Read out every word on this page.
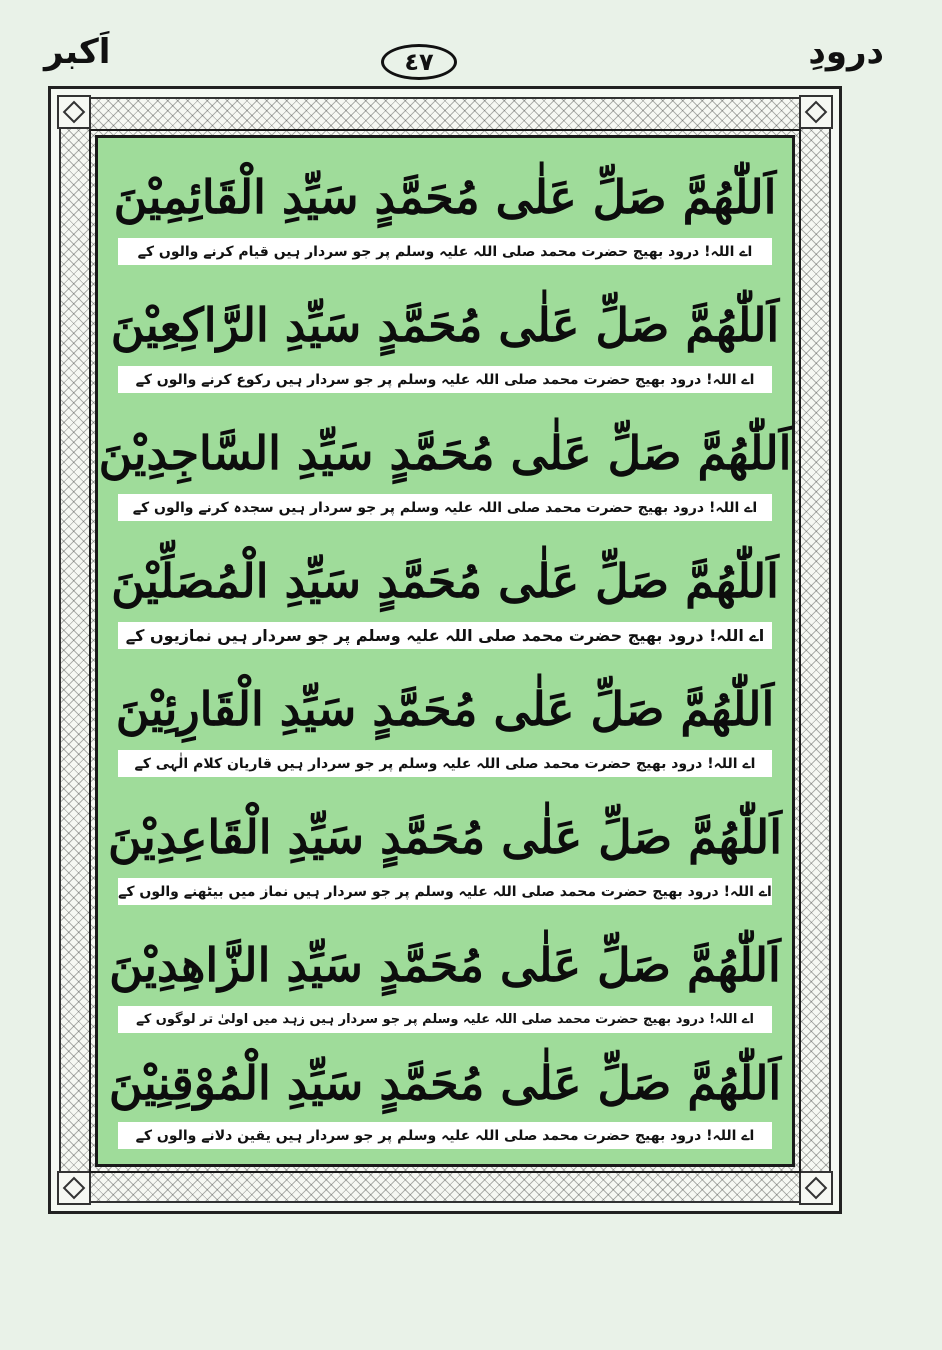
درودِ
٤٧
اَکبر
اَللّٰھُمَّ صَلِّ عَلٰی مُحَمَّدٍ سَیِّدِ الْقَائِمِیْنَ
اے اللہ! درود بھیج حضرت محمد صلی اللہ علیہ وسلم پر جو سردار ہیں قیام کرنے والوں کے
اَللّٰھُمَّ صَلِّ عَلٰی مُحَمَّدٍ سَیِّدِ الرَّاکِعِیْنَ
اے اللہ! درود بھیج حضرت محمد صلی اللہ علیہ وسلم پر جو سردار ہیں رکوع کرنے والوں کے
اَللّٰھُمَّ صَلِّ عَلٰی مُحَمَّدٍ سَیِّدِ السَّاجِدِیْنَ
اے اللہ! درود بھیج حضرت محمد صلی اللہ علیہ وسلم پر جو سردار ہیں سجدہ کرنے والوں کے
اَللّٰھُمَّ صَلِّ عَلٰی مُحَمَّدٍ سَیِّدِ الْمُصَلِّیْنَ
اے اللہ! درود بھیج حضرت محمد صلی اللہ علیہ وسلم پر جو سردار ہیں نمازیوں کے
اَللّٰھُمَّ صَلِّ عَلٰی مُحَمَّدٍ سَیِّدِ الْقَارِئِیْنَ
اے اللہ! درود بھیج حضرت محمد صلی اللہ علیہ وسلم پر جو سردار ہیں قاریان کلام الٰہی کے
اَللّٰھُمَّ صَلِّ عَلٰی مُحَمَّدٍ سَیِّدِ الْقَاعِدِیْنَ
اے اللہ! درود بھیج حضرت محمد صلی اللہ علیہ وسلم پر جو سردار ہیں نماز میں بیٹھنے والوں کے
اَللّٰھُمَّ صَلِّ عَلٰی مُحَمَّدٍ سَیِّدِ الزَّاھِدِیْنَ
اے اللہ! درود بھیج حضرت محمد صلی اللہ علیہ وسلم پر جو سردار ہیں زہد میں اولیٰ تر لوگوں کے
اَللّٰھُمَّ صَلِّ عَلٰی مُحَمَّدٍ سَیِّدِ الْمُوْقِنِیْنَ
اے اللہ! درود بھیج حضرت محمد صلی اللہ علیہ وسلم پر جو سردار ہیں یقین دلانے والوں کے
